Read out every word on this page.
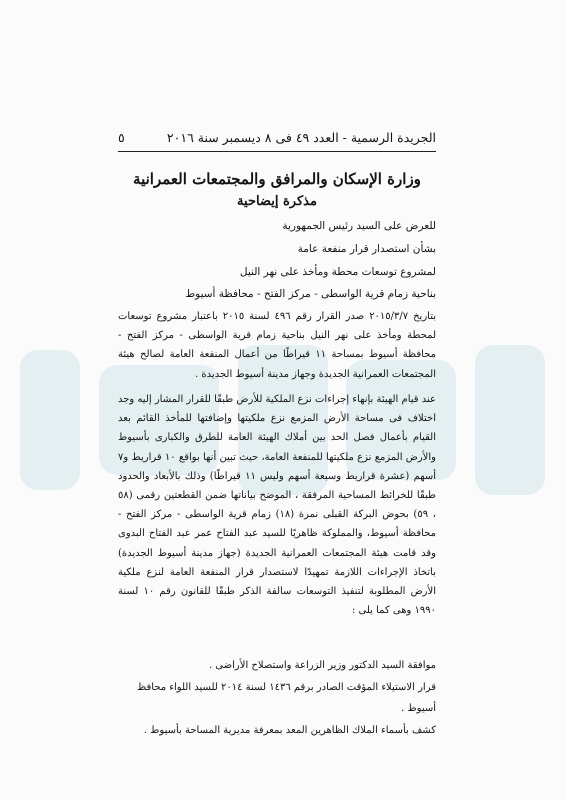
الجريدة الرسمية - العدد ٤٩ فى ٨ ديسمبر سنة ٢٠١٦
٥
وزارة الإسكان والمرافق والمجتمعات العمرانية
مذكرة إيضاحية
للعرض على السيد رئيس الجمهورية
بشأن استصدار قرار منفعة عامة
لمشروع توسعات محطة ومأخذ على نهر النيل
بناحية زمام قرية الواسطى - مركز الفتح - محافظة أسيوط

بتاريخ ٢٠١٥/٣/٧ صدر القرار رقم ٤٩٦ لسنة ٢٠١٥ باعتبار مشروع توسعات لمحطة ومأخذ على نهر النيل بناحية زمام قرية الواسطى - مركز الفتح - محافظة أسيوط بمساحة ١١ قيراطًا من أعمال المنفعة العامة لصالح هيئة المجتمعات العمرانية الجديدة وجهاز مدينة أسيوط الجديدة .

عند قيام الهيئة بإنهاء إجراءات نزع الملكية للأرض طبقًا للقرار المشار إليه وجد اختلاف فى مساحة الأرض المزمع نزع ملكيتها وإضافتها للمأخذ القائم بعد القيام بأعمال فصل الحد بين أملاك الهيئة العامة للطرق والكبارى بأسيوط والأرض المزمع نزع ملكيتها للمنفعة العامة، حيث تبين أنها بواقع ١٠ قراريط و٧ أسهم (عشرة قراريط وسبعة أسهم وليس ١١ قيراطًا) وذلك بالأبعاد والحدود طبقًا للخرائط المساحية المرفقة ، الموضح بياناتها ضمن القطعتين رقمى (٥٨ ، ٥٩) بحوض البركة القبلى نمرة (١٨) زمام قرية الواسطى - مركز الفتح - محافظة أسيوط، والمملوكة ظاهريًا للسيد عبد الفتاح عمر عبد الفتاح البدوى وقد قامت هيئة المجتمعات العمرانية الجديدة (جهاز مدينة أسيوط الجديدة) باتخاذ الإجراءات اللازمة تمهيدًا لاستصدار قرار المنفعة العامة لنزع ملكية الأرض المطلوبة لتنفيذ التوسعات سالفة الذكر طبقًا للقانون رقم ١٠ لسنة ١٩٩٠ وهى كما يلى :

موافقة السيد الدكتور وزير الزراعة واستصلاح الأراضى .
قرار الاستيلاء المؤقت الصادر برقم ١٤٣٦ لسنة ٢٠١٤ للسيد اللواء محافظ أسيوط .
كشف بأسماء الملاك الظاهرين المعد بمعرفة مديرية المساحة بأسيوط .
